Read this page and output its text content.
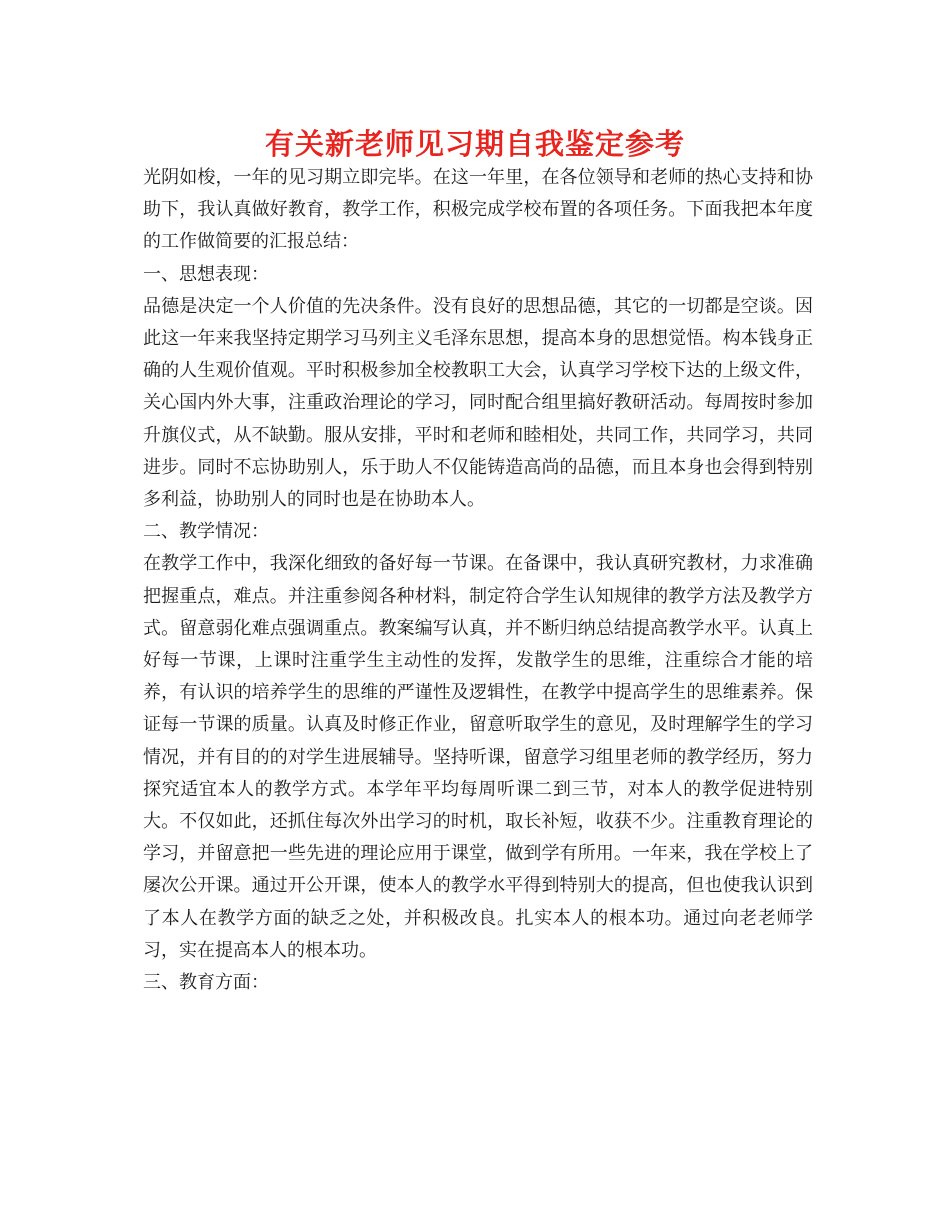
有关新老师见习期自我鉴定参考

光阴如梭，一年的见习期立即完毕。在这一年里，在各位领导和老师的热心支持和协助下，我认真做好教育，教学工作，积极完成学校布置的各项任务。下面我把本年度的工作做简要的汇报总结：

一、思想表现：

品德是决定一个人价值的先决条件。没有良好的思想品德，其它的一切都是空谈。因此这一年来我坚持定期学习马列主义毛泽东思想，提高本身的思想觉悟。构本钱身正确的人生观价值观。平时积极参加全校教职工大会，认真学习学校下达的上级文件，关心国内外大事，注重政治理论的学习，同时配合组里搞好教研活动。每周按时参加升旗仪式，从不缺勤。服从安排，平时和老师和睦相处，共同工作，共同学习，共同进步。同时不忘协助别人，乐于助人不仅能铸造高尚的品德，而且本身也会得到特别多利益，协助别人的同时也是在协助本人。

二、教学情况：

在教学工作中，我深化细致的备好每一节课。在备课中，我认真研究教材，力求准确把握重点，难点。并注重参阅各种材料，制定符合学生认知规律的教学方法及教学方式。留意弱化难点强调重点。教案编写认真，并不断归纳总结提高教学水平。认真上好每一节课，上课时注重学生主动性的发挥，发散学生的思维，注重综合才能的培养，有认识的培养学生的思维的严谨性及逻辑性，在教学中提高学生的思维素养。保证每一节课的质量。认真及时修正作业，留意听取学生的意见，及时理解学生的学习情况，并有目的的对学生进展辅导。坚持听课，留意学习组里老师的教学经历，努力探究适宜本人的教学方式。本学年平均每周听课二到三节，对本人的教学促进特别大。不仅如此，还抓住每次外出学习的时机，取长补短，收获不少。注重教育理论的学习，并留意把一些先进的理论应用于课堂，做到学有所用。一年来，我在学校上了屡次公开课。通过开公开课，使本人的教学水平得到特别大的提高，但也使我认识到了本人在教学方面的缺乏之处，并积极改良。扎实本人的根本功。通过向老老师学习，实在提高本人的根本功。

三、教育方面：
